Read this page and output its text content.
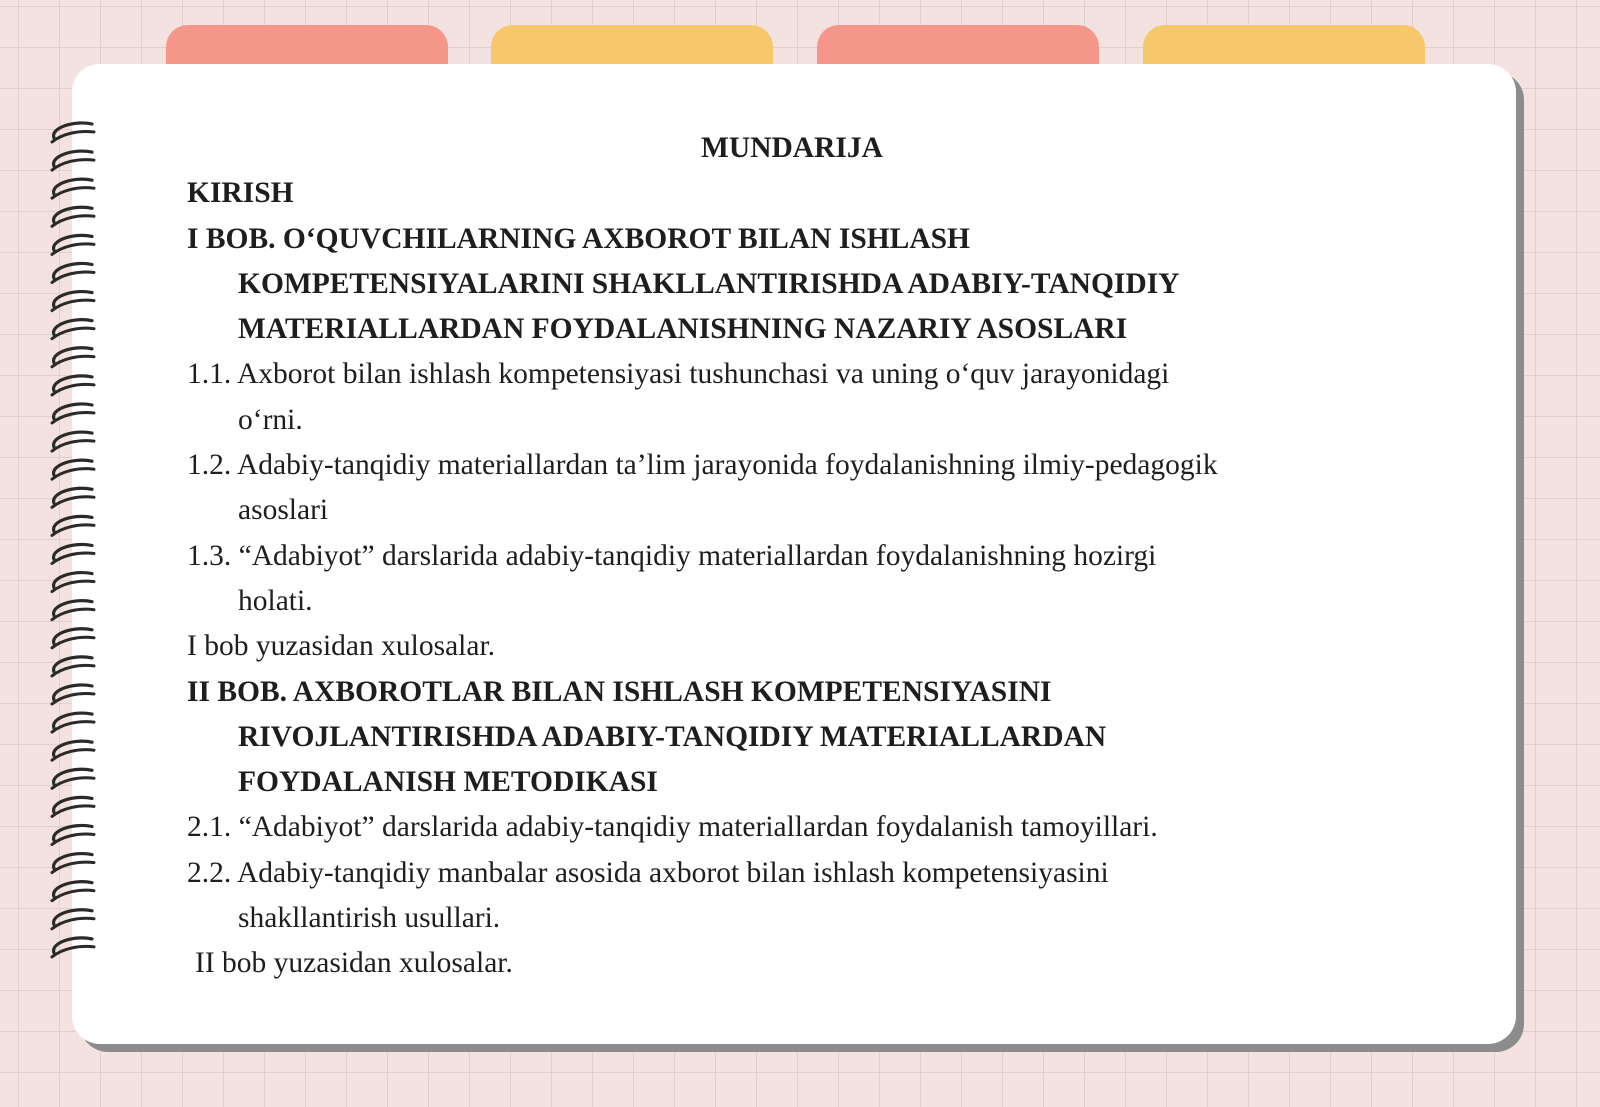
MUNDARIJA
KIRISH
I BOB. O‘QUVCHILARNING AXBOROT BILAN ISHLASH
KOMPETENSIYALARINI SHAKLLANTIRISHDA ADABIY-TANQIDIY
MATERIALLARDAN FOYDALANISHNING NAZARIY ASOSLARI
1.1. Axborot bilan ishlash kompetensiyasi tushunchasi va uning o‘quv jarayonidagi
o‘rni.
1.2. Adabiy-tanqidiy materiallardan ta’lim jarayonida foydalanishning ilmiy-pedagogik
asoslari
1.3. “Adabiyot” darslarida adabiy-tanqidiy materiallardan foydalanishning hozirgi
holati.
I bob yuzasidan xulosalar.
II BOB. AXBOROTLAR BILAN ISHLASH KOMPETENSIYASINI
RIVOJLANTIRISHDA ADABIY-TANQIDIY MATERIALLARDAN
FOYDALANISH METODIKASI
2.1. “Adabiyot” darslarida adabiy-tanqidiy materiallardan foydalanish tamoyillari.
2.2. Adabiy-tanqidiy manbalar asosida axborot bilan ishlash kompetensiyasini
shakllantirish usullari.
II bob yuzasidan xulosalar.
